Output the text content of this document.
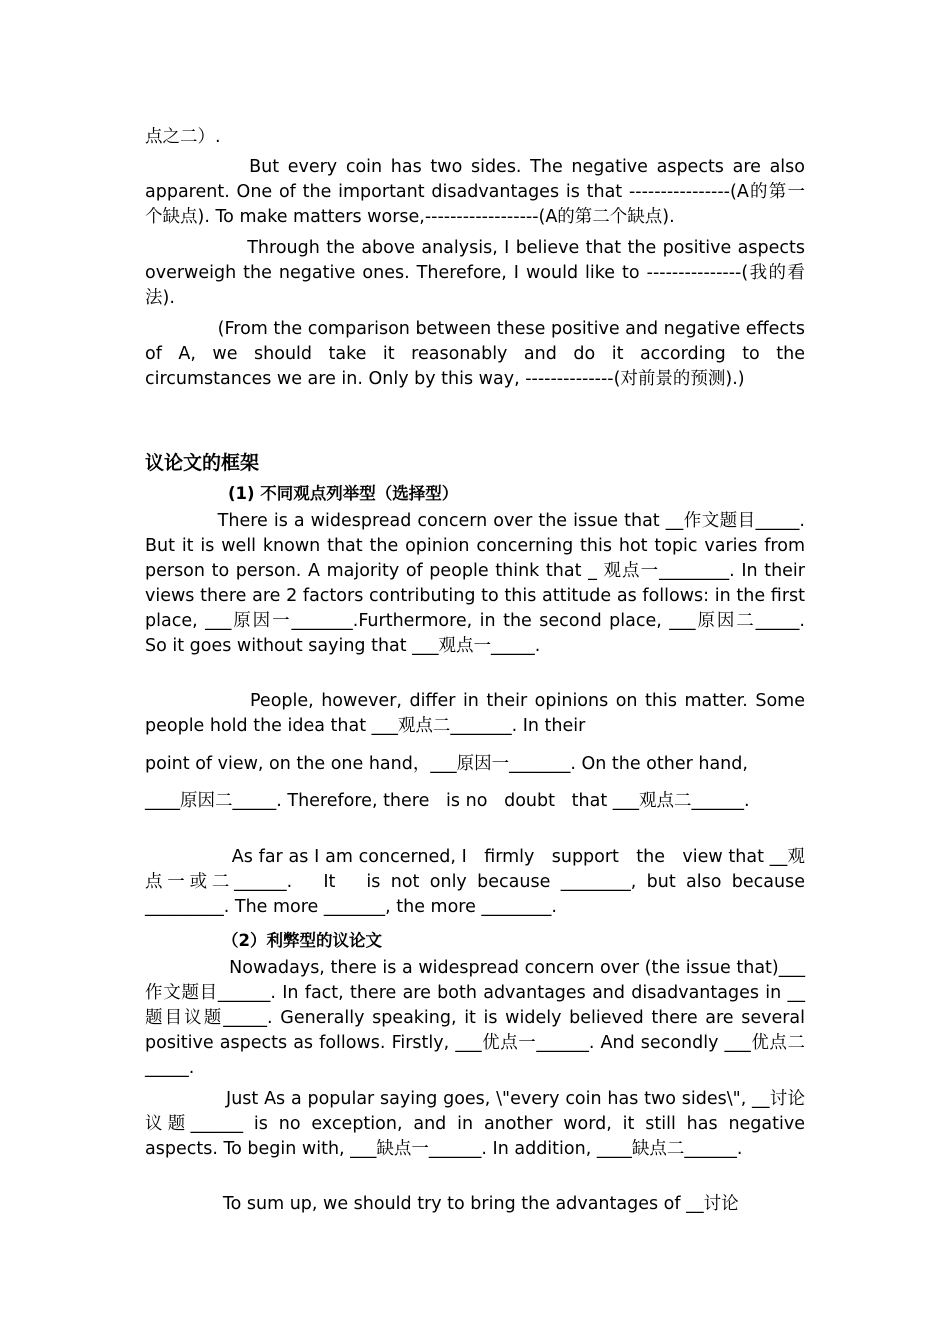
点之二）.

But every coin has two sides. The negative aspects are also apparent. One of the important disadvantages is that ----------------(A的第一个缺点). To make matters worse,------------------(A的第二个缺点).

Through the above analysis, I believe that the positive aspects overweigh the negative ones. Therefore, I would like to ---------------(我的看法).

(From the comparison between these positive and negative effects of A, we should take it reasonably and do it according to the circumstances we are in. Only by this way, --------------(对前景的预测).)

议论文的框架
(1) 不同观点列举型（选择型）

There is a widespread concern over the issue that __作文题目_____. But it is well known that the opinion concerning this hot topic varies from person to person. A majority of people think that _ 观点一________. In their views there are 2 factors contributing to this attitude as follows: in the first place, ___原因一_______.Furthermore, in the second place, ___原因二_____. So it goes without saying that ___观点一_____.

People, however, differ in their opinions on this matter. Some people hold the idea that ___观点二_______. In their

point of view, on the one hand，___原因一_______. On the other hand,

____原因二_____. Therefore, there   is no   doubt   that ___观点二______.

As far as I am concerned, I   firmly   support   the   view that __观点一或二______.   It   is not only because ________, but also because _________. The more _______, the more ________.

（2）利弊型的议论文

Nowadays, there is a widespread concern over (the issue that)___作文题目______. In fact, there are both advantages and disadvantages in __题目议题_____. Generally speaking, it is widely believed there are several positive aspects as follows. Firstly, ___优点一______. And secondly ___优点二_____.

Just As a popular saying goes, \"every coin has two sides\", __讨论议题______ is no exception, and in another word, it still has negative aspects. To begin with, ___缺点一______. In addition, ____缺点二______.

To sum up, we should try to bring the advantages of __讨论
